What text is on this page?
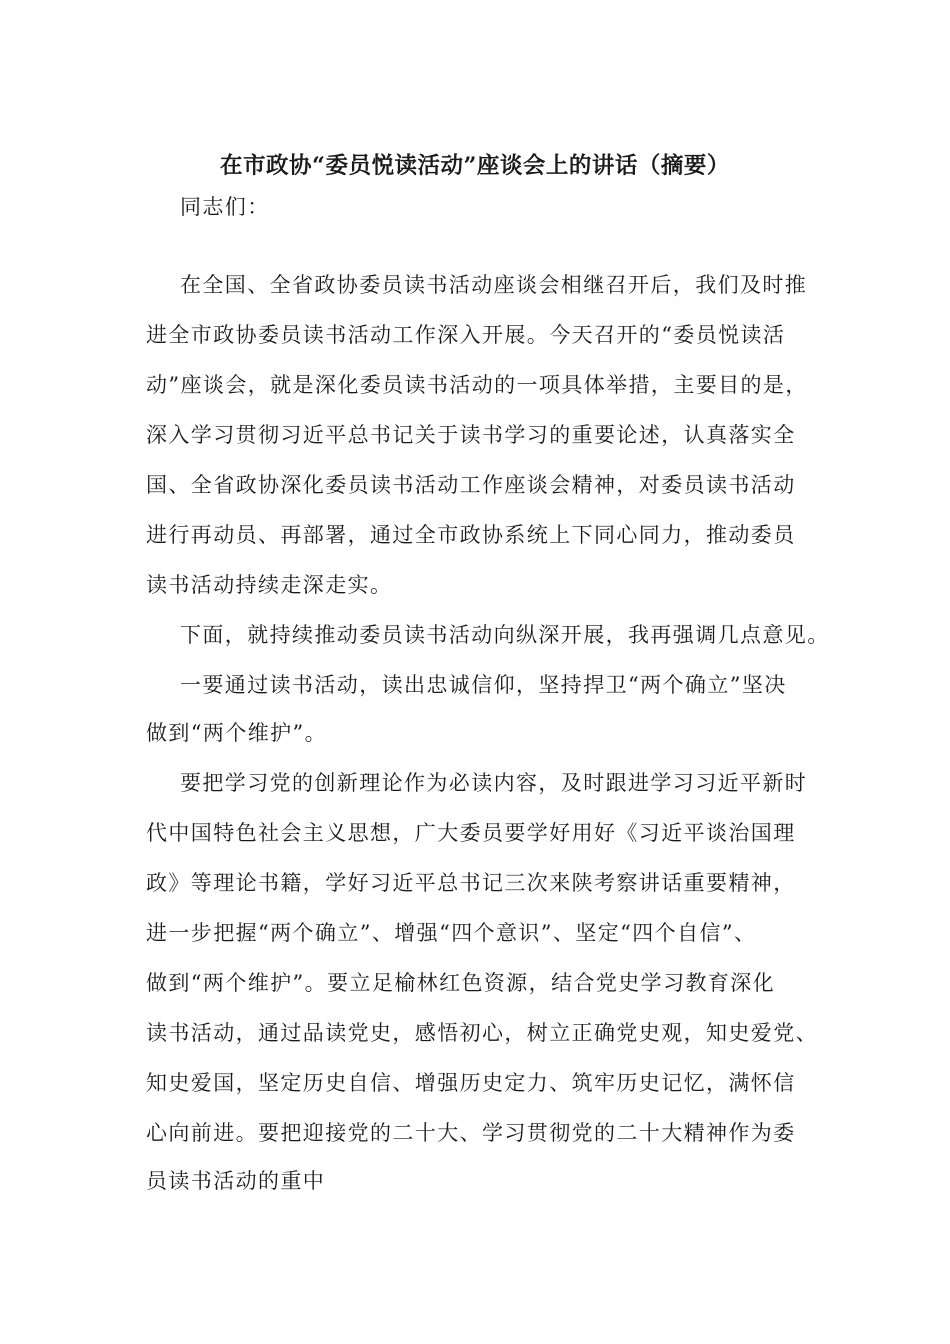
在市政协“委员悦读活动”座谈会上的讲话（摘要）
同志们：
在全国、全省政协委员读书活动座谈会相继召开后，我们及时推
进全市政协委员读书活动工作深入开展。今天召开的“委员悦读活
动”座谈会，就是深化委员读书活动的一项具体举措，主要目的是，
深入学习贯彻习近平总书记关于读书学习的重要论述，认真落实全
国、全省政协深化委员读书活动工作座谈会精神，对委员读书活动
进行再动员、再部署，通过全市政协系统上下同心同力，推动委员
读书活动持续走深走实。
下面，就持续推动委员读书活动向纵深开展，我再强调几点意见。
一要通过读书活动，读出忠诚信仰，坚持捍卫“两个确立”坚决
做到“两个维护”。
要把学习党的创新理论作为必读内容，及时跟进学习习近平新时
代中国特色社会主义思想，广大委员要学好用好《习近平谈治国理
政》等理论书籍，学好习近平总书记三次来陕考察讲话重要精神，
进一步把握“两个确立”、增强“四个意识”、坚定“四个自信”、
做到“两个维护”。要立足榆林红色资源，结合党史学习教育深化
读书活动，通过品读党史，感悟初心，树立正确党史观，知史爱党、
知史爱国，坚定历史自信、增强历史定力、筑牢历史记忆，满怀信
心向前进。要把迎接党的二十大、学习贯彻党的二十大精神作为委
员读书活动的重中
